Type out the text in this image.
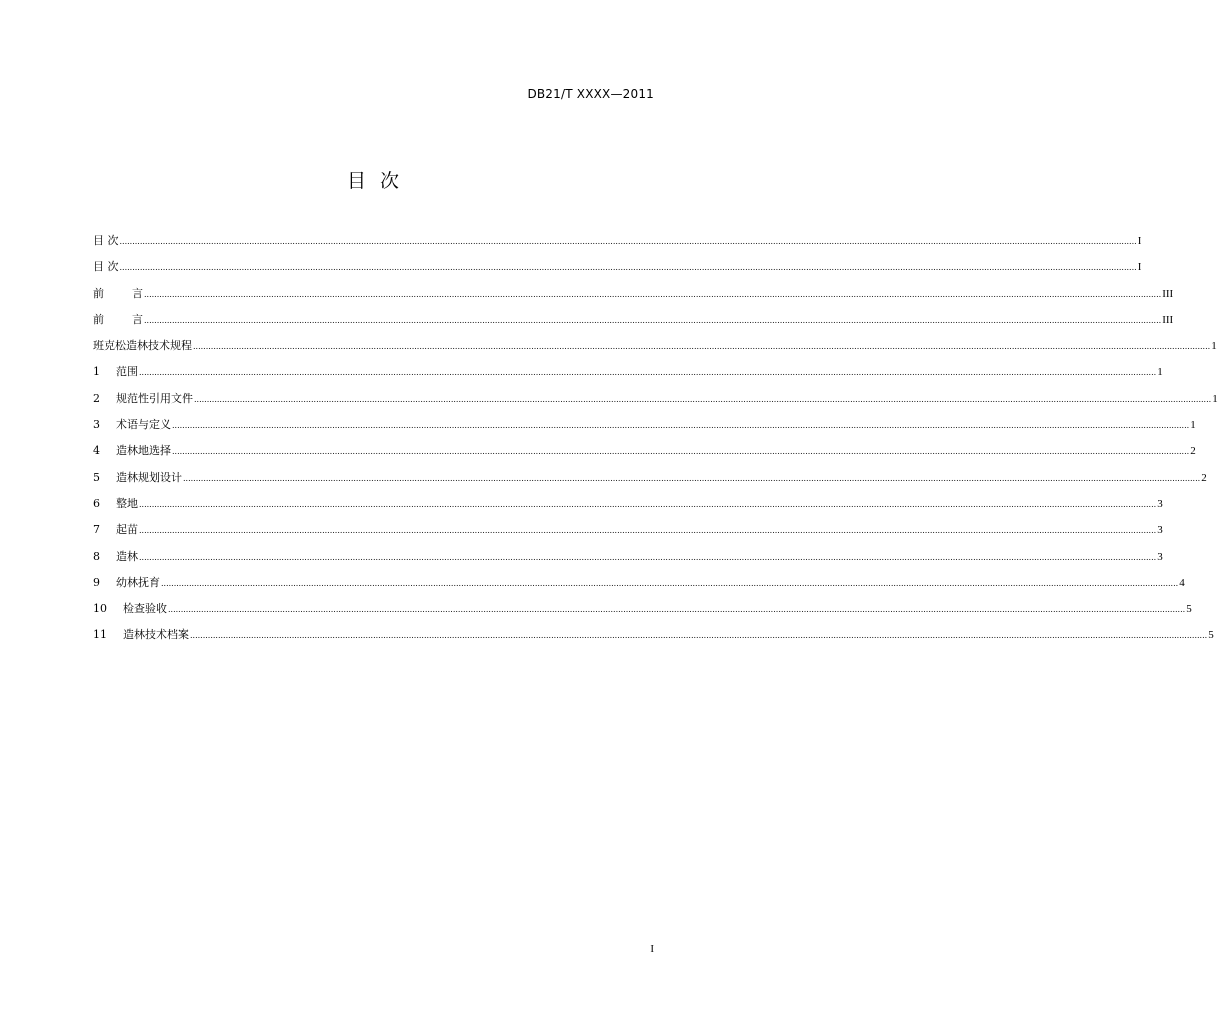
DB21/T XXXX—2011
目 次
目 次 ................................................................................................................................................................................................................................................................................................................................................................................................................ I
目 次 ................................................................................................................................................................................................................................................................................................................................................................................................................ I
前	言 ................................................................................................................................................................................................................................................................................................................................................................................................................ III
前	言 ................................................................................................................................................................................................................................................................................................................................................................................................................ III
班克松造林技术规程 ................................................................................................................................................................................................................................................................................................................................................................................................................ 1
1	范围 ................................................................................................................................................................................................................................................................................................................................................................................................................ 1
2	规范性引用文件 ................................................................................................................................................................................................................................................................................................................................................................................................................ 1
3	术语与定义 ................................................................................................................................................................................................................................................................................................................................................................................................................ 1
4	造林地选择 ................................................................................................................................................................................................................................................................................................................................................................................................................ 2
5	造林规划设计 ................................................................................................................................................................................................................................................................................................................................................................................................................ 2
6	整地 ................................................................................................................................................................................................................................................................................................................................................................................................................ 3
7	起苗 ................................................................................................................................................................................................................................................................................................................................................................................................................ 3
8	造林 ................................................................................................................................................................................................................................................................................................................................................................................................................ 3
9	幼林抚育 ................................................................................................................................................................................................................................................................................................................................................................................................................ 4
10	检查验收 ................................................................................................................................................................................................................................................................................................................................................................................................................ 5
11	造林技术档案 ................................................................................................................................................................................................................................................................................................................................................................................................................ 5
I
